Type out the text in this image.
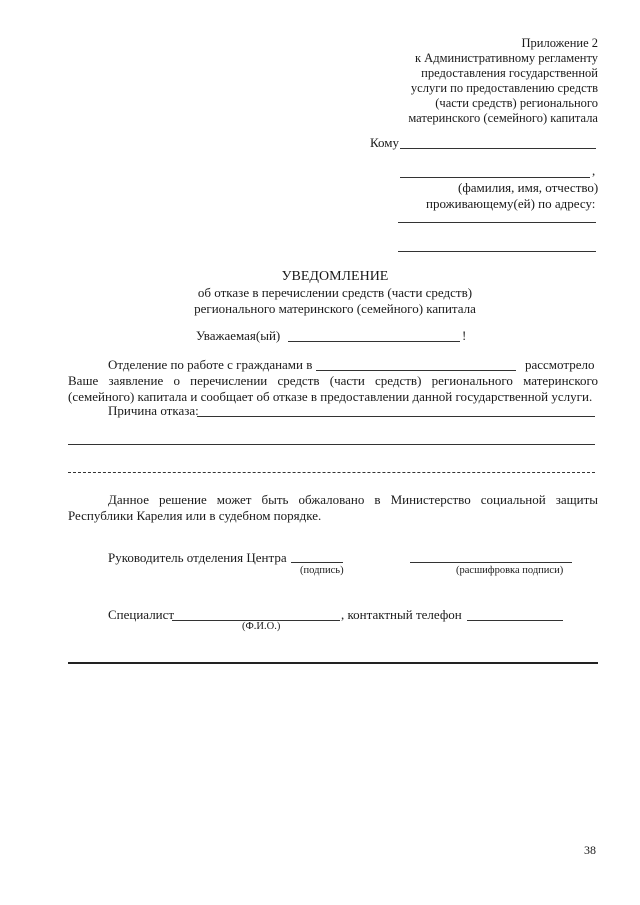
Приложение 2
к Административному регламенту
предоставления государственной
услуги по предоставлению средств
(части средств) регионального
материнского (семейного) капитала
Кому
,
(фамилия, имя, отчество)
проживающему(ей) по адресу:
УВЕДОМЛЕНИЕ
об отказе в перечислении средств (части средств)
регионального материнского (семейного) капитала
Уважаемая(ый)	!
Отделение по работе с гражданами в	рассмотрело
Ваше заявление о перечислении средств (части средств) регионального материнского (семейного) капитала и сообщает об отказе в предоставлении данной государственной услуги.
Причина отказа:
Данное решение может быть обжаловано в Министерство социальной защиты Республики Карелия или в судебном порядке.
Руководитель отделения Центра
(подпись)	(расшифровка подписи)
Специалист
(Ф.И.О.)
, контактный телефон
38
